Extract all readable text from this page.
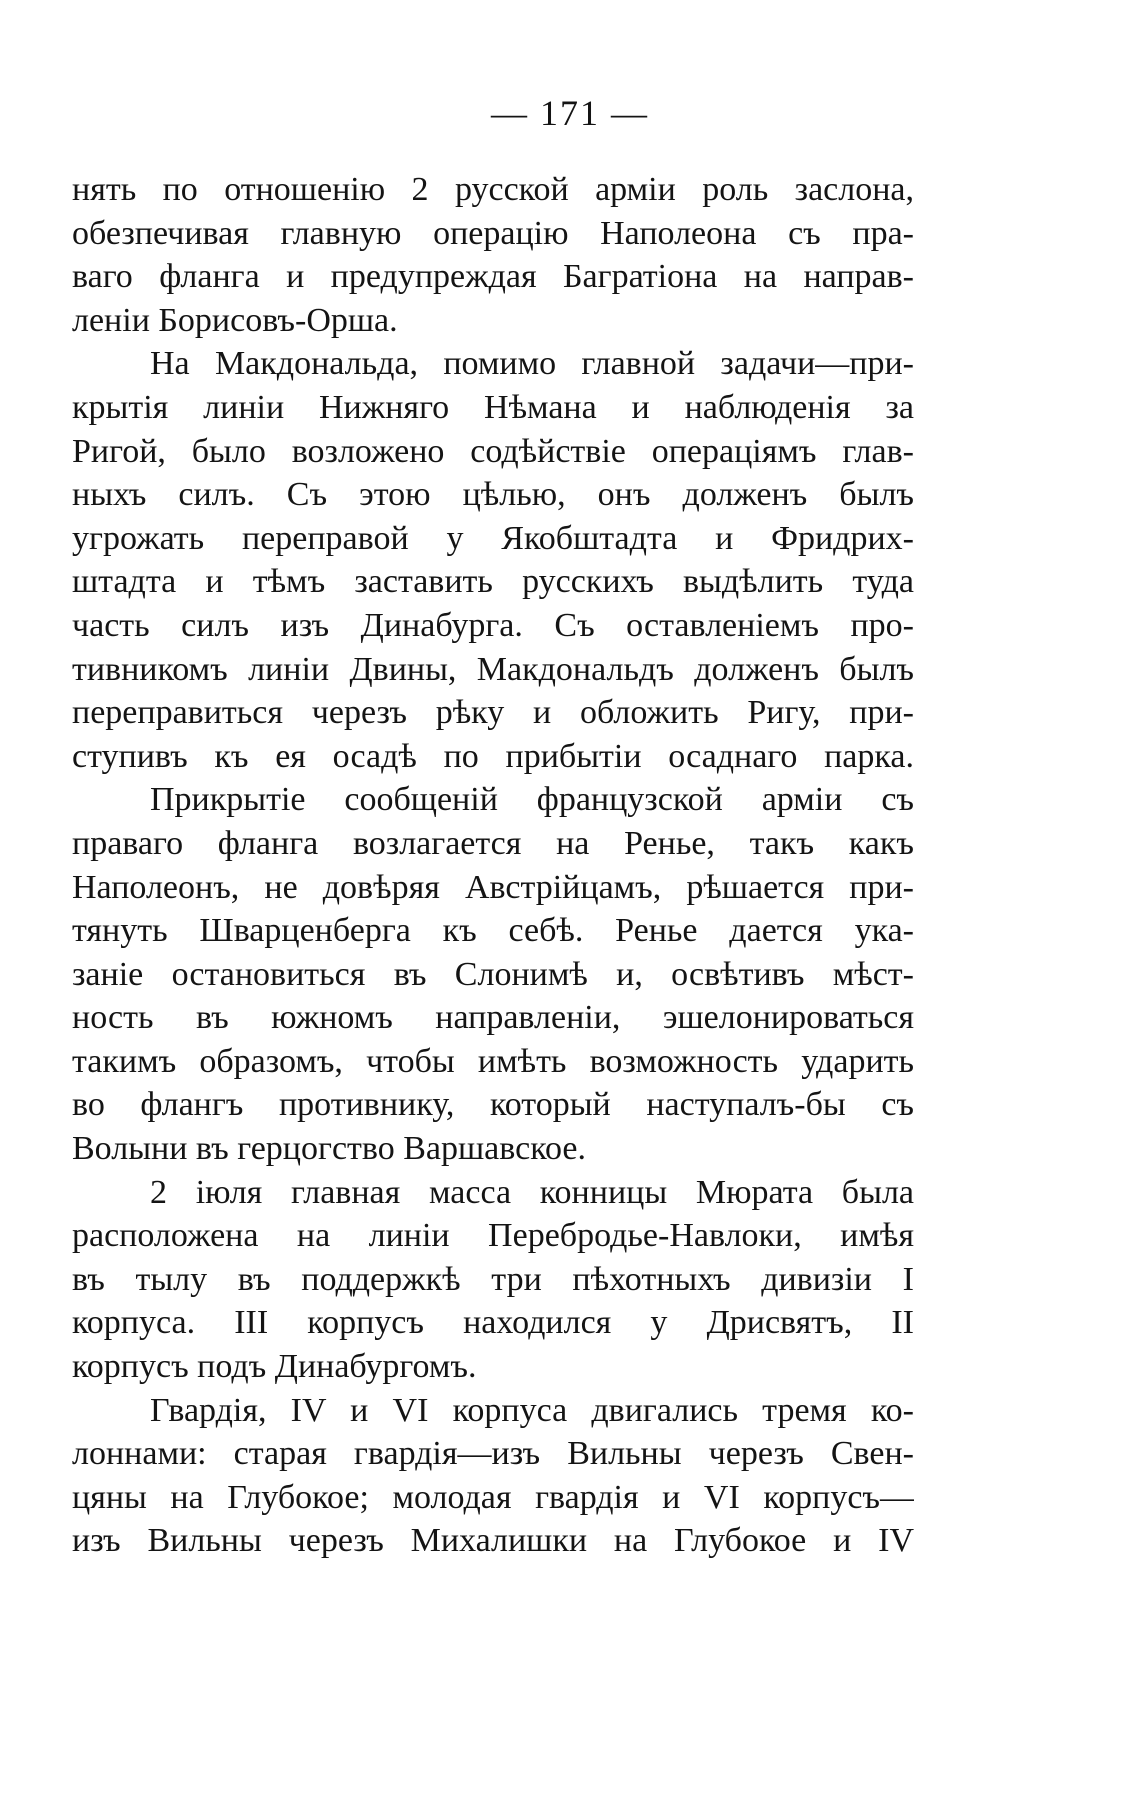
— 171 —
нять по отношенію 2 русской арміи роль заслона,
обезпечивая главную операцію Наполеона съ пра-
ваго фланга и предупреждая Багратіона на направ-
леніи Борисовъ-Орша.
На Макдональда, помимо главной задачи—при-
крытія линіи Нижняго Нѣмана и наблюденія за
Ригой, было возложено содѣйствіе операціямъ глав-
ныхъ силъ. Съ этою цѣлью, онъ долженъ былъ
угрожать переправой у Якобштадта и Фридрих-
штадта и тѣмъ заставить русскихъ выдѣлить туда
часть силъ изъ Динабурга. Съ оставленіемъ про-
тивникомъ линіи Двины, Макдональдъ долженъ былъ
переправиться черезъ рѣку и обложить Ригу, при-
ступивъ къ ея осадѣ по прибытіи осаднаго парка.
Прикрытіе сообщеній французской арміи съ
праваго фланга возлагается на Ренье, такъ какъ
Наполеонъ, не довѣряя Австрійцамъ, рѣшается при-
тянуть Шварценберга къ себѣ. Ренье дается ука-
заніе остановиться въ Слонимѣ и, освѣтивъ мѣст-
ность въ южномъ направленіи, эшелонироваться
такимъ образомъ, чтобы имѣть возможность ударить
во флангъ противнику, который наступалъ-бы съ
Волыни въ герцогство Варшавское.
2 іюля главная масса конницы Мюрата была
расположена на линіи Перебродье-Навлоки, имѣя
въ тылу въ поддержкѣ три пѣхотныхъ дивизіи I
корпуса. III корпусъ находился у Дрисвятъ, II
корпусъ подъ Динабургомъ.
Гвардія, IV и VI корпуса двигались тремя ко-
лоннами: старая гвардія—изъ Вильны черезъ Свен-
цяны на Глубокое; молодая гвардія и VI корпусъ—
изъ Вильны черезъ Михалишки на Глубокое и IV
